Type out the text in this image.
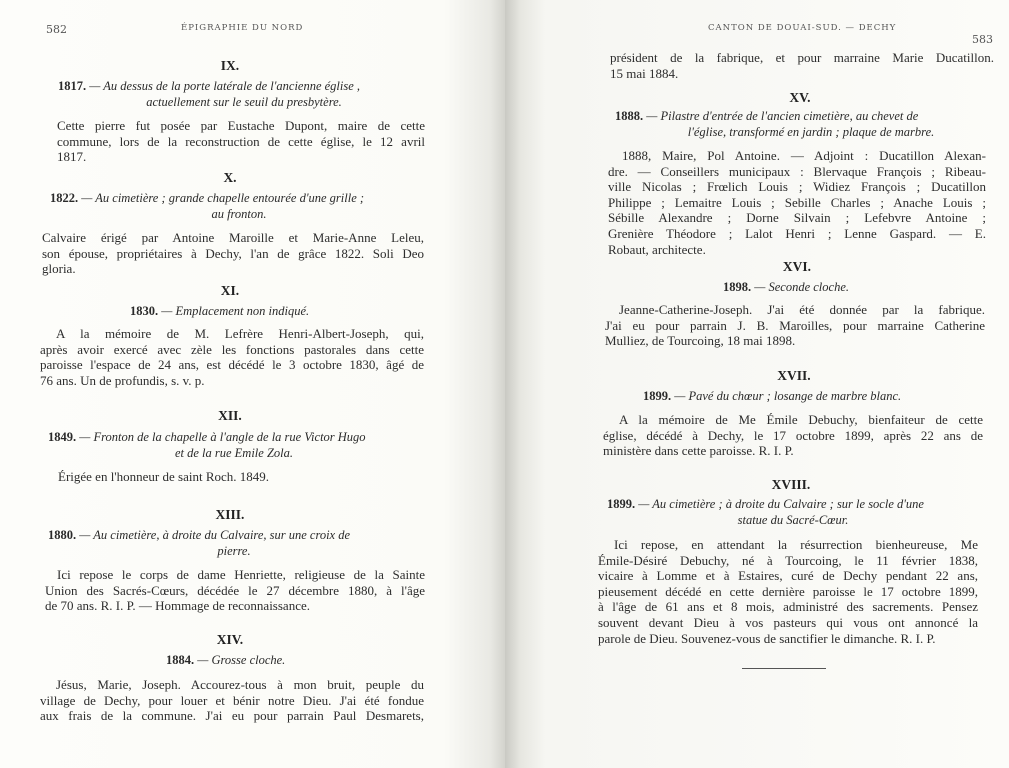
582	ÉPIGRAPHIE DU NORD
IX.
1817. — Au dessus de la porte latérale de l'ancienne église ,
actuellement sur le seuil du presbytère.
Cette pierre fut posée par Eustache Dupont, maire de cette
commune, lors de la reconstruction de cette église, le 12 avril
1817.
X.
1822. — Au cimetière ; grande chapelle entourée d'une grille ;
au fronton.
Calvaire érigé par Antoine Maroille et Marie-Anne Leleu,
son épouse, propriétaires à Dechy, l'an de grâce 1822. Soli Deo
gloria.
XI.
1830. — Emplacement non indiqué.
A la mémoire de M. Lefrère Henri-Albert-Joseph, qui,
après avoir exercé avec zèle les fonctions pastorales dans cette
paroisse l'espace de 24 ans, est décédé le 3 octobre 1830, âgé de
76 ans. Un de profundis, s. v. p.
XII.
1849. — Fronton de la chapelle à l'angle de la rue Victor Hugo
et de la rue Emile Zola.
Érigée en l'honneur de saint Roch. 1849.
XIII.
1880. — Au cimetière, à droite du Calvaire, sur une croix de
pierre.
Ici repose le corps de dame Henriette, religieuse de la Sainte
Union des Sacrés-Cœurs, décédée le 27 décembre 1880, à l'âge
de 70 ans. R. I. P. — Hommage de reconnaissance.
XIV.
1884. — Grosse cloche.
Jésus, Marie, Joseph. Accourez-tous à mon bruit, peuple du
village de Dechy, pour louer et bénir notre Dieu. J'ai été fondue
aux frais de la commune. J'ai eu pour parrain Paul Desmarets,
CANTON DE DOUAI-SUD. — DECHY
583
président de la fabrique, et pour marraine Marie Ducatillon.
15 mai 1884.
XV.
1888. — Pilastre d'entrée de l'ancien cimetière, au chevet de
l'église, transformé en jardin ; plaque de marbre.
1888, Maire, Pol Antoine. — Adjoint : Ducatillon Alexan-
dre. — Conseillers municipaux : Blervaque François ; Ribeau-
ville Nicolas ; Frœlich Louis ; Widiez François ; Ducatillon
Philippe ; Lemaitre Louis ; Sebille Charles ; Anache Louis ;
Sébille Alexandre ; Dorne Silvain ; Lefebvre Antoine ;
Grenière Théodore ; Lalot Henri ; Lenne Gaspard. — E.
Robaut, architecte.
XVI.
1898. — Seconde cloche.
Jeanne-Catherine-Joseph. J'ai été donnée par la fabrique.
J'ai eu pour parrain J. B. Maroilles, pour marraine Catherine
Mulliez, de Tourcoing, 18 mai 1898.
XVII.
1899. — Pavé du chœur ; losange de marbre blanc.
A la mémoire de Me Émile Debuchy, bienfaiteur de cette
église, décédé à Dechy, le 17 octobre 1899, après 22 ans de
ministère dans cette paroisse. R. I. P.
XVIII.
1899. — Au cimetière ; à droite du Calvaire ; sur le socle d'une
statue du Sacré-Cœur.
Ici repose, en attendant la résurrection bienheureuse, Me
Émile-Désiré Debuchy, né à Tourcoing, le 11 février 1838,
vicaire à Lomme et à Estaires, curé de Dechy pendant 22 ans,
pieusement décédé en cette dernière paroisse le 17 octobre 1899,
à l'âge de 61 ans et 8 mois, administré des sacrements. Pensez
souvent devant Dieu à vos pasteurs qui vous ont annoncé la
parole de Dieu. Souvenez-vous de sanctifier le dimanche. R. I. P.
